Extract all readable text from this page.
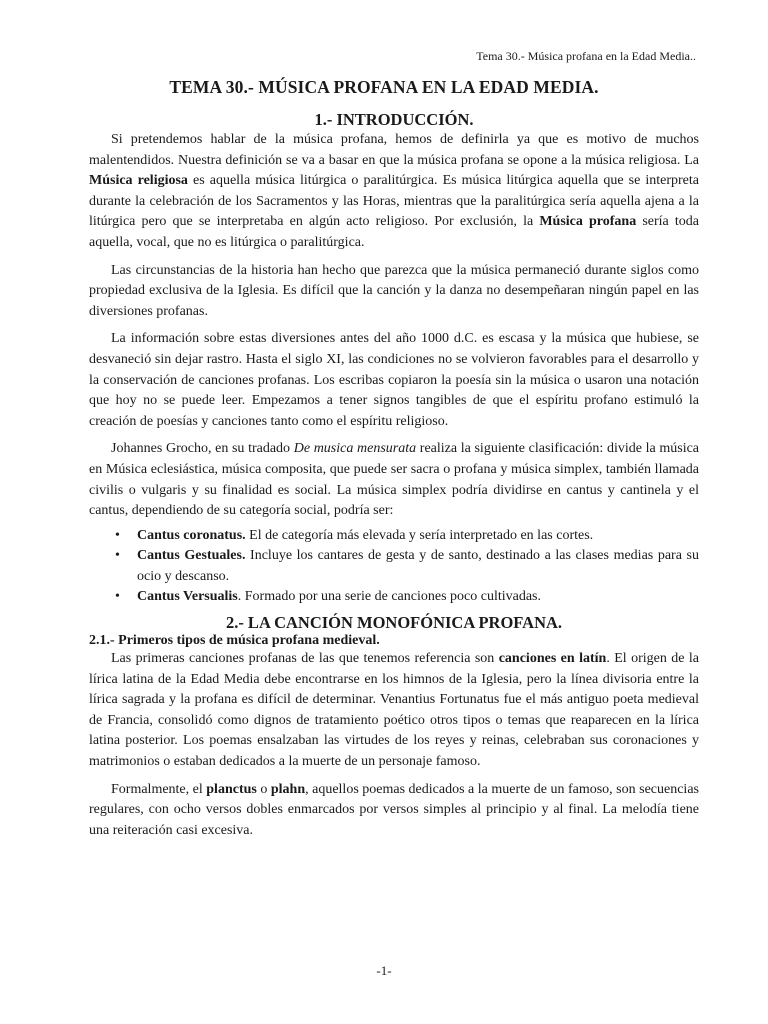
Tema 30.- Música profana en la Edad Media..
TEMA 30.- MÚSICA PROFANA EN LA EDAD MEDIA.
1.- INTRODUCCIÓN.

Si pretendemos hablar de la música profana, hemos de definirla ya que es motivo de muchos malentendidos. Nuestra definición se va a basar en que la música profana se opone a la música religiosa. La Música religiosa es aquella música litúrgica o paralitúrgica. Es música litúrgica aquella que se interpreta durante la celebración de los Sacramentos y las Horas, mientras que la paralitúrgica sería aquella ajena a la litúrgica pero que se interpretaba en algún acto religioso. Por exclusión, la Música profana sería toda aquella, vocal, que no es litúrgica o paralitúrgica.

Las circunstancias de la historia han hecho que parezca que la música permaneció durante siglos como propiedad exclusiva de la Iglesia. Es difícil que la canción y la danza no desempeñaran ningún papel en las diversiones profanas.

La información sobre estas diversiones antes del año 1000 d.C. es escasa y la música que hubiese, se desvaneció sin dejar rastro. Hasta el siglo XI, las condiciones no se volvieron favorables para el desarrollo y la conservación de canciones profanas. Los escribas copiaron la poesía sin la música o usaron una notación que hoy no se puede leer. Empezamos a tener signos tangibles de que el espíritu profano estimuló la creación de poesías y canciones tanto como el espíritu religioso.

Johannes Grocho, en su tradado De musica mensurata realiza la siguiente clasificación: divide la música en Música eclesiástica, música composita, que puede ser sacra o profana y música simplex, también llamada civilis o vulgaris y su finalidad es social. La música simplex podría dividirse en cantus y cantinela y el cantus, dependiendo de su categoría social, podría ser:

• Cantus coronatus. El de categoría más elevada y sería interpretado en las cortes.
• Cantus Gestuales. Incluye los cantares de gesta y de santo, destinado a las clases medias para su ocio y descanso.
• Cantus Versualis. Formado por una serie de canciones poco cultivadas.
2.- LA CANCIÓN MONOFÓNICA PROFANA.
2.1.- Primeros tipos de música profana medieval.

Las primeras canciones profanas de las que tenemos referencia son canciones en latín. El origen de la lírica latina de la Edad Media debe encontrarse en los himnos de la Iglesia, pero la línea divisoria entre la lírica sagrada y la profana es difícil de determinar. Venantius Fortunatus fue el más antiguo poeta medieval de Francia, consolidó como dignos de tratamiento poético otros tipos o temas que reaparecen en la lírica latina posterior. Los poemas ensalzaban las virtudes de los reyes y reinas, celebraban sus coronaciones y matrimonios o estaban dedicados a la muerte de un personaje famoso.

Formalmente, el planctus o plahn, aquellos poemas dedicados a la muerte de un famoso, son secuencias regulares, con ocho versos dobles enmarcados por versos simples al principio y al final. La melodía tiene una reiteración casi excesiva.

-1-
